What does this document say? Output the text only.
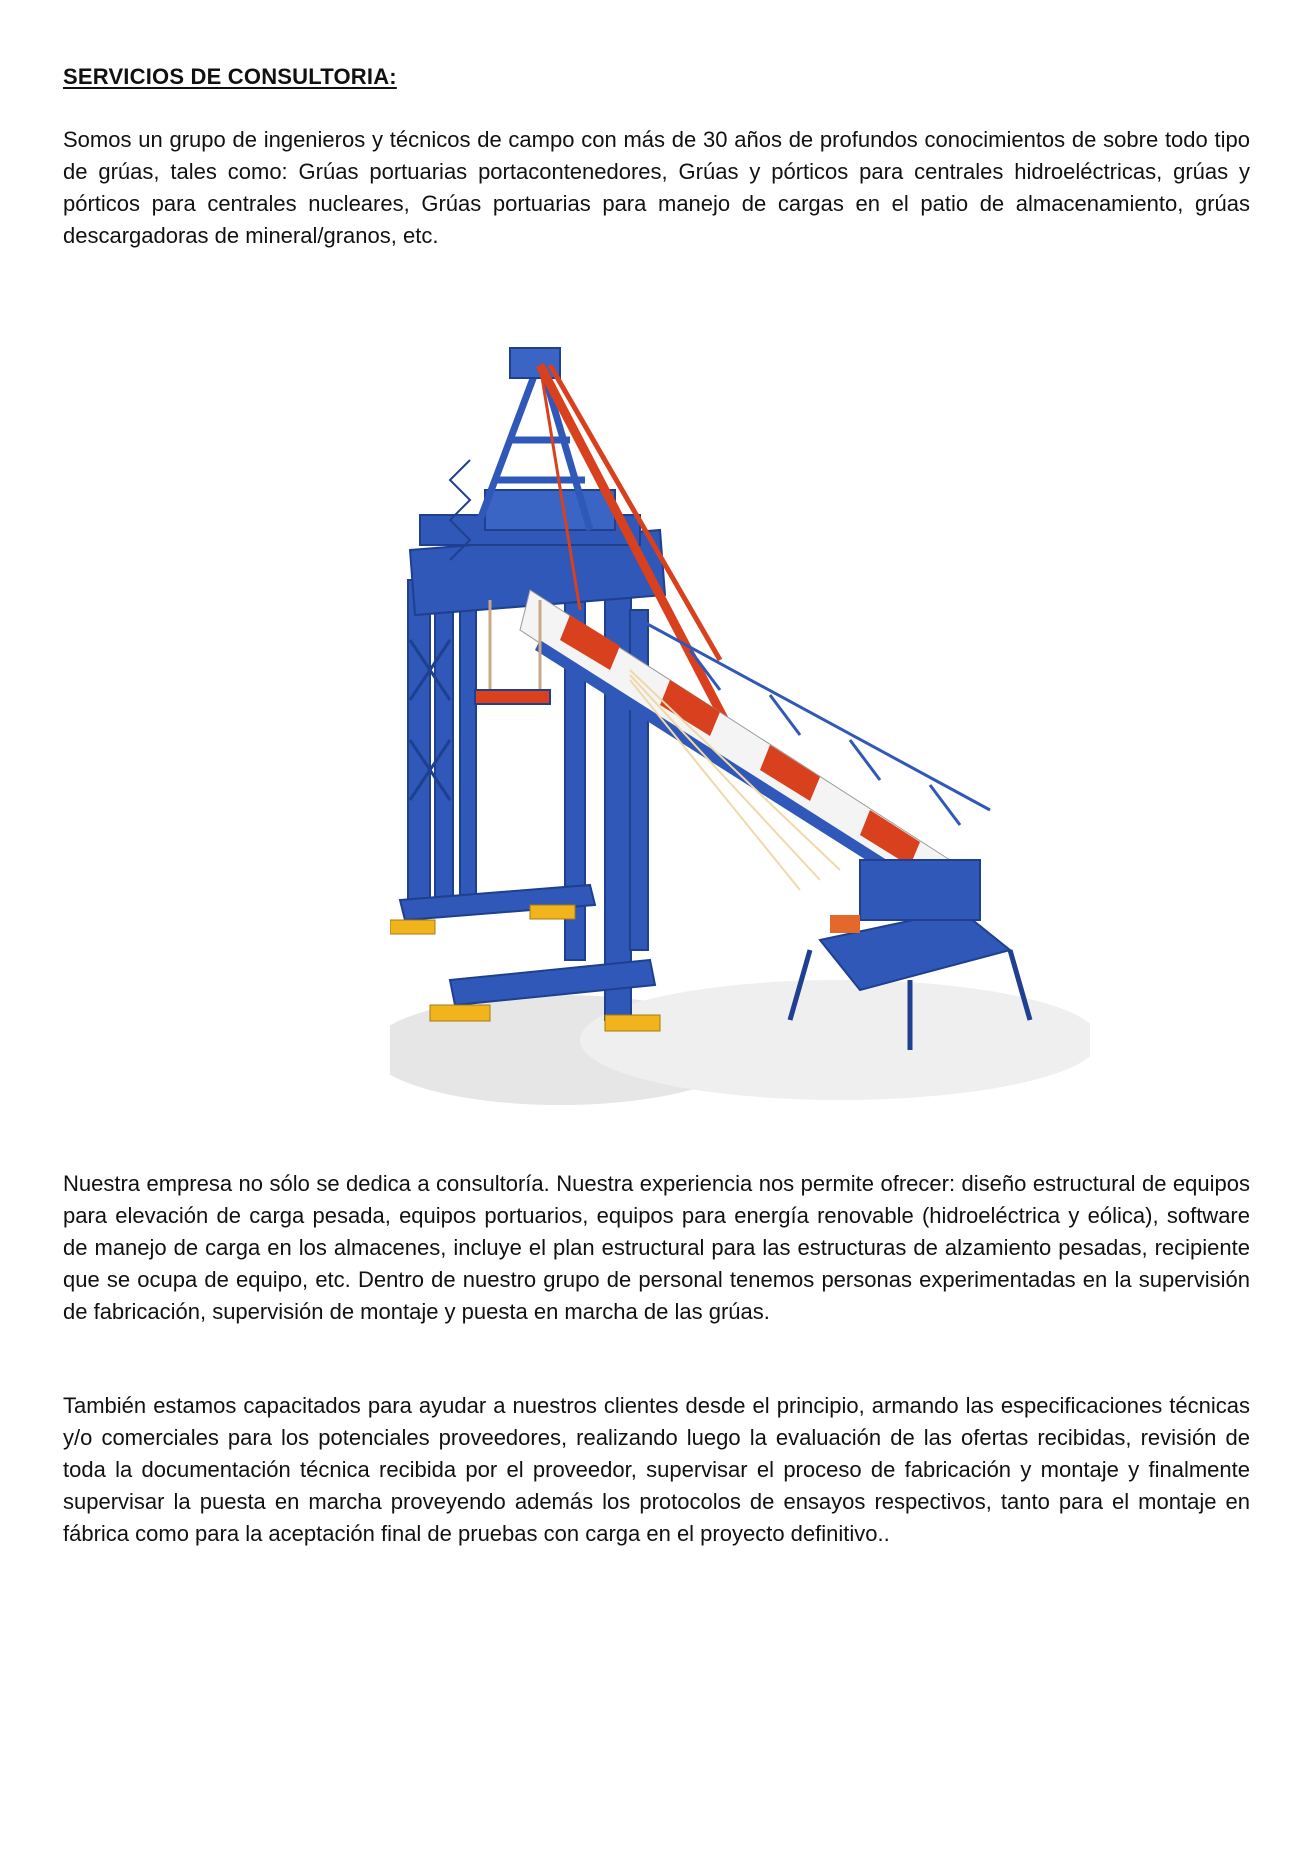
SERVICIOS DE CONSULTORIA:

Somos un grupo de ingenieros y técnicos de campo con más de 30 años de profundos conocimientos de sobre todo tipo de grúas, tales como: Grúas portuarias portacontenedores, Grúas y pórticos para centrales hidroeléctricas, grúas y pórticos para centrales nucleares, Grúas portuarias para manejo de cargas en el patio de almacenamiento, grúas descargadoras de mineral/granos, etc.

Nuestra empresa no sólo se dedica a consultoría. Nuestra experiencia nos permite ofrecer: diseño estructural de equipos para elevación de carga pesada, equipos portuarios, equipos para energía renovable (hidroeléctrica y eólica), software de manejo de carga en los almacenes, incluye el plan estructural para las estructuras de alzamiento pesadas, recipiente que se ocupa de equipo, etc. Dentro de nuestro grupo de personal tenemos personas experimentadas en la supervisión de fabricación, supervisión de montaje y puesta en marcha de las grúas.

También estamos capacitados para ayudar a nuestros clientes desde el principio, armando las especificaciones técnicas y/o comerciales para los potenciales proveedores, realizando luego la evaluación de las ofertas recibidas, revisión de toda la documentación técnica recibida por el proveedor, supervisar el proceso de fabricación y montaje y finalmente supervisar la puesta en marcha proveyendo además los protocolos de ensayos respectivos, tanto para el montaje en fábrica como para la aceptación final de pruebas con carga en el proyecto definitivo..
